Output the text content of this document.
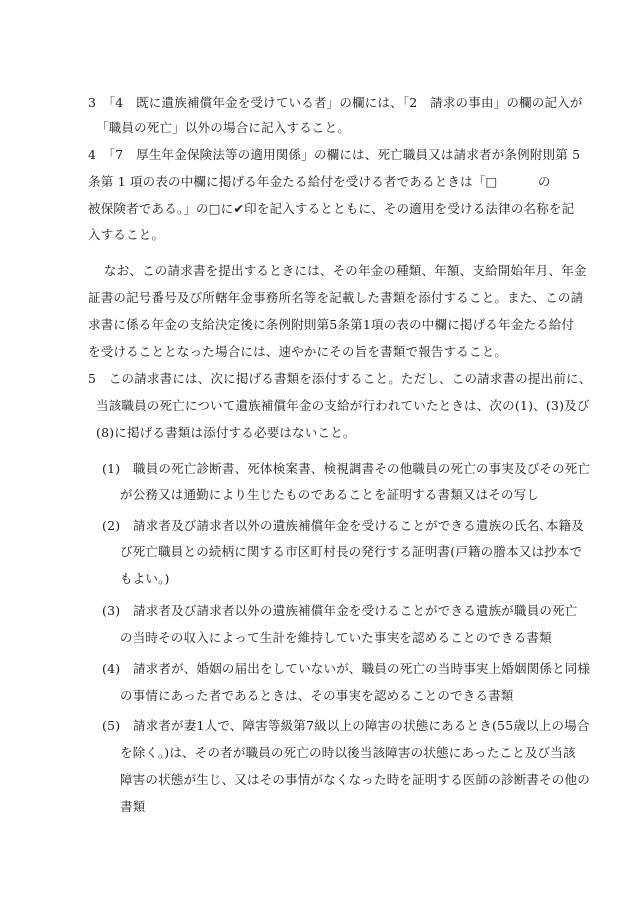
3　「4　既に遺族補償年金を受けている者」の欄には、「2　請求の事由」の欄の記入が
「職員の死亡」以外の場合に記入すること。
4　「7　厚生年金保険法等の適用関係」の欄には、死亡職員又は請求者が条例附則第 5
条第 1 項の表の中欄に掲げる年金たる給付を受ける者であるときは「□	の
被保険者である。」の□に✔印を記入するとともに、その適用を受ける法律の名称を記
入すること。
なお、この請求書を提出するときには、その年金の種類、年額、支給開始年月、年金
証書の記号番号及び所轄年金事務所名等を記載した書類を添付すること。また、この請
求書に係る年金の支給決定後に条例附則第5条第1項の表の中欄に掲げる年金たる給付
を受けることとなった場合には、速やかにその旨を書類で報告すること。
5　この請求書には、次に掲げる書類を添付すること。ただし、この請求書の提出前に、
当該職員の死亡について遺族補償年金の支給が行われていたときは、次の(1)、(3)及び
(8)に掲げる書類は添付する必要はないこと。
(1)　職員の死亡診断書、死体検案書、検視調書その他職員の死亡の事実及びその死亡
が公務又は通勤により生じたものであることを証明する書類又はその写し
(2)　請求者及び請求者以外の遺族補償年金を受けることができる遺族の氏名､本籍及
び死亡職員との続柄に関する市区町村長の発行する証明書(戸籍の謄本又は抄本で
もよい。)
(3)　請求者及び請求者以外の遺族補償年金を受けることができる遺族が職員の死亡
の当時その収入によって生計を維持していた事実を認めることのできる書類
(4)　請求者が、婚姻の届出をしていないが、職員の死亡の当時事実上婚姻関係と同様
の事情にあった者であるときは、その事実を認めることのできる書類
(5)　請求者が妻1人で、障害等級第7級以上の障害の状態にあるとき(55歳以上の場合
を除く。)は、その者が職員の死亡の時以後当該障害の状態にあったこと及び当該
障害の状態が生じ、又はその事情がなくなった時を証明する医師の診断書その他の
書類
